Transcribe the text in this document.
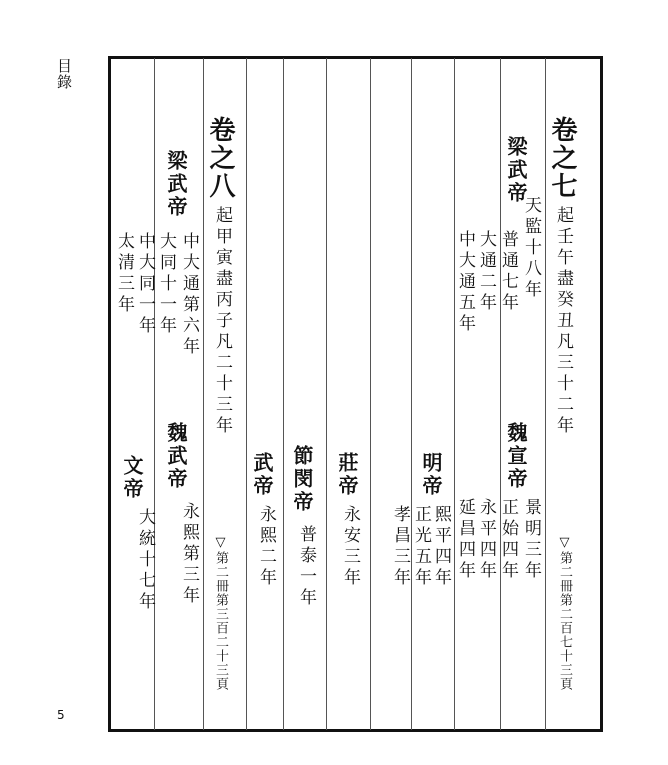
目錄
5
卷之七
起壬午盡癸丑凡三十二年
▽第二冊第二百七十三頁
梁武帝
天監十八年
普通七年
大通二年
中大通五年
魏宣帝
景明三年
正始四年
永平四年
延昌四年
明帝
熙平四年
正光五年
孝昌三年
莊帝
永安三年
節閔帝
普泰一年
武帝
永熙二年
卷之八
起甲寅盡丙子凡二十三年
▽第二冊第三百二十三頁
梁武帝
中大通第六年
大同十一年
中大同一年
太清三年
魏武帝
永熙第三年
文帝
大統十七年
